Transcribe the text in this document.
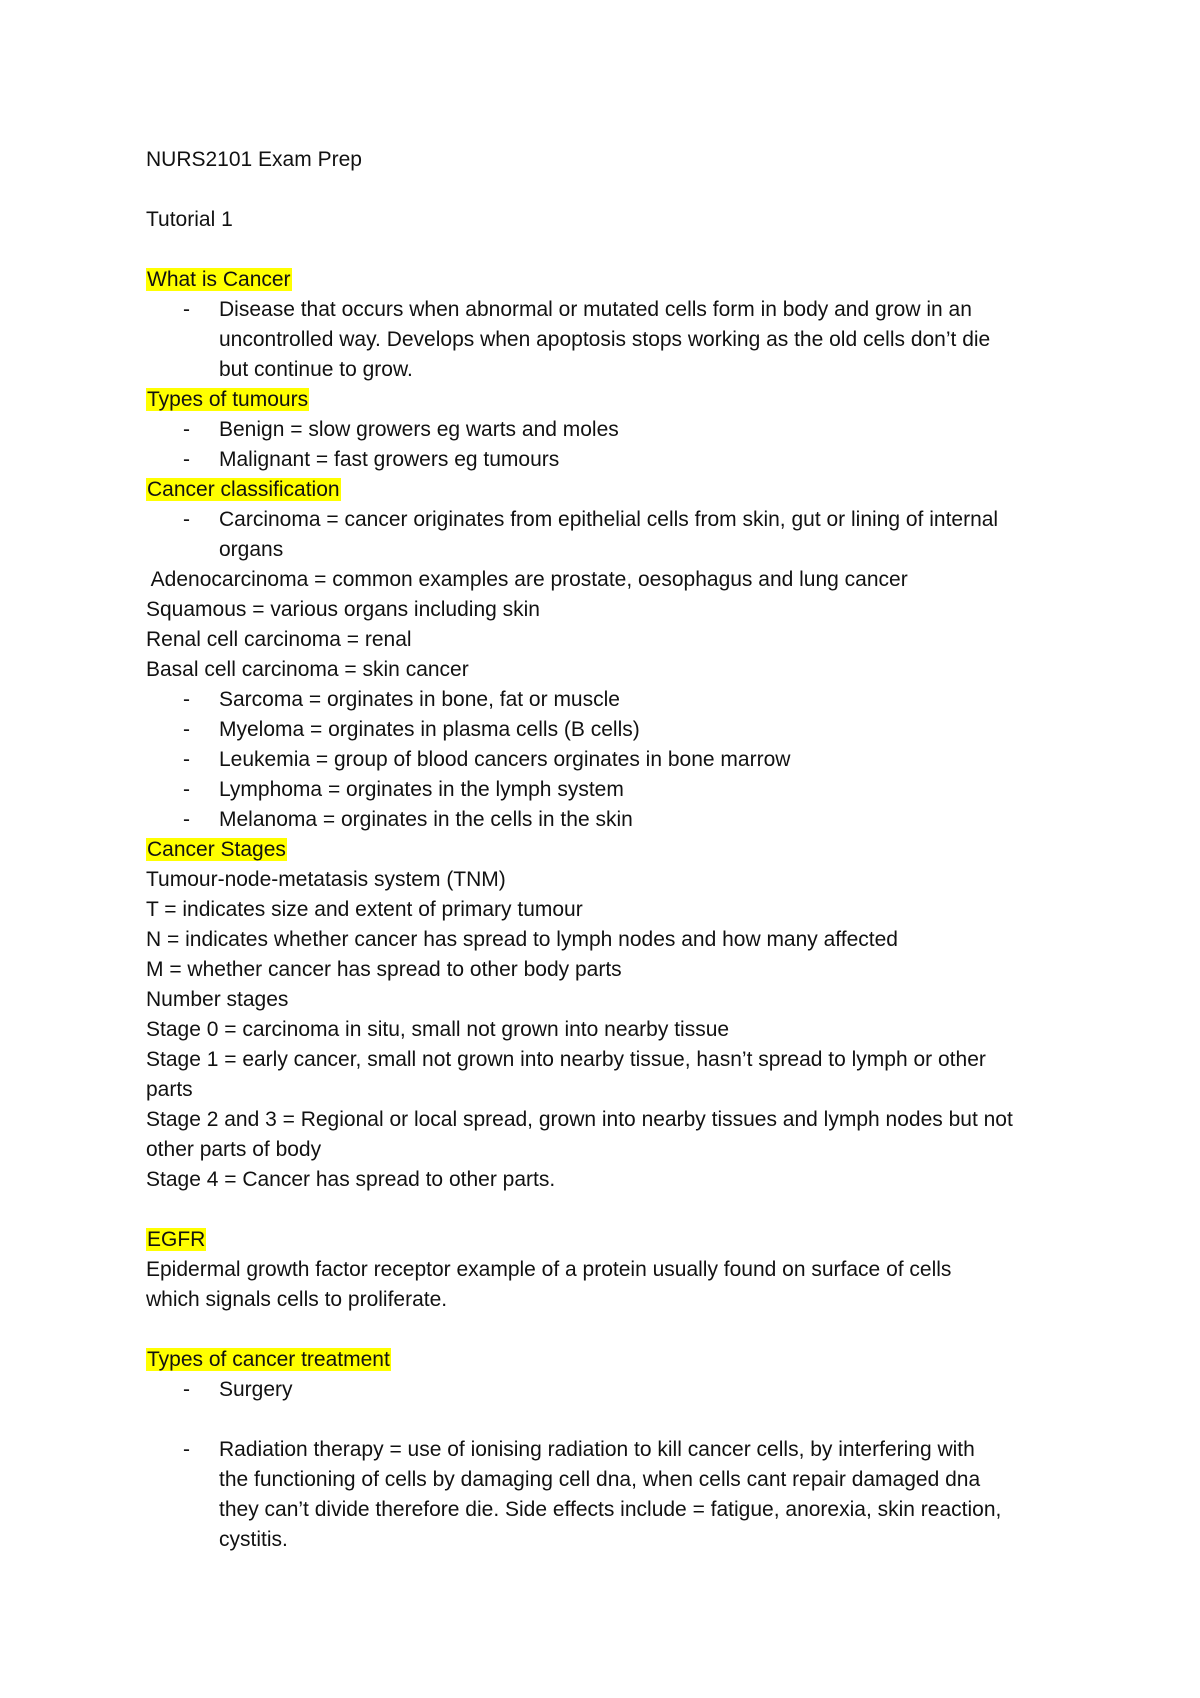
NURS2101 Exam Prep

Tutorial 1

What is Cancer

- Disease that occurs when abnormal or mutated cells form in body and grow in an
uncontrolled way. Develops when apoptosis stops working as the old cells don’t die
but continue to grow.

Types of tumours

- Benign = slow growers eg warts and moles
- Malignant = fast growers eg tumours

Cancer classification

- Carcinoma = cancer originates from epithelial cells from skin, gut or lining of internal
organs

Adenocarcinoma = common examples are prostate, oesophagus and lung cancer

Squamous = various organs including skin

Renal cell carcinoma = renal

Basal cell carcinoma = skin cancer

- Sarcoma = orginates in bone, fat or muscle
- Myeloma = orginates in plasma cells (B cells)
- Leukemia = group of blood cancers orginates in bone marrow
- Lymphoma = orginates in the lymph system
- Melanoma = orginates in the cells in the skin

Cancer Stages

Tumour-node-metatasis system (TNM)

T = indicates size and extent of primary tumour

N = indicates whether cancer has spread to lymph nodes and how many affected

M = whether cancer has spread to other body parts

Number stages

Stage 0 = carcinoma in situ, small not grown into nearby tissue

Stage 1 = early cancer, small not grown into nearby tissue, hasn’t spread to lymph or other

parts

Stage 2 and 3 = Regional or local spread, grown into nearby tissues and lymph nodes but not

other parts of body

Stage 4 = Cancer has spread to other parts.

EGFR

Epidermal growth factor receptor example of a protein usually found on surface of cells

which signals cells to proliferate.

Types of cancer treatment

- Surgery
- Radiation therapy = use of ionising radiation to kill cancer cells, by interfering with
the functioning of cells by damaging cell dna, when cells cant repair damaged dna
they can’t divide therefore die. Side effects include = fatigue, anorexia, skin reaction,
cystitis.
